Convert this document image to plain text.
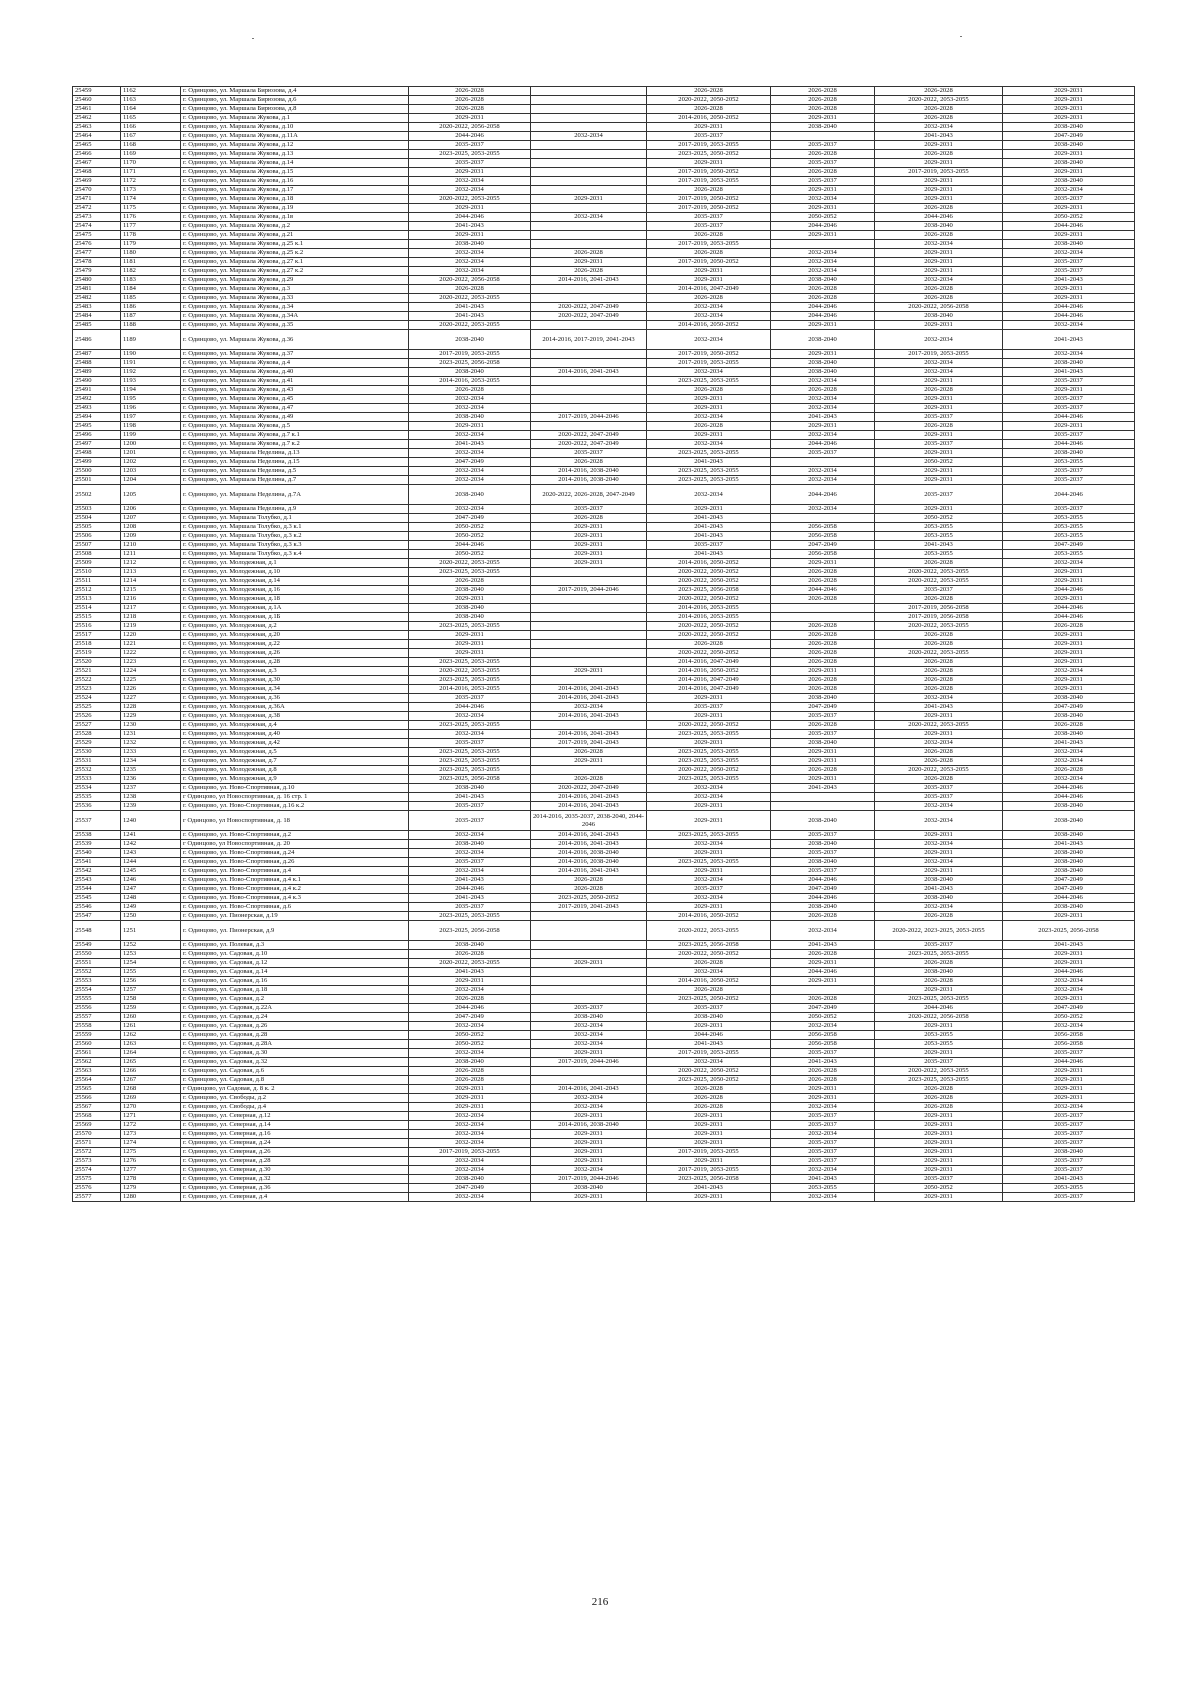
25459	1162	г. Одинцово, ул. Маршала Бирюзова, д.4	2026-2028		2026-2028	2026-2028	2026-2028	2029-2031
25460	1163	г. Одинцово, ул. Маршала Бирюзова, д.6	2026-2028		2020-2022, 2050-2052	2026-2028	2020-2022, 2053-2055	2029-2031
25461	1164	г. Одинцово, ул. Маршала Бирюзова, д.8	2026-2028		2026-2028	2026-2028	2026-2028	2029-2031
25462	1165	г. Одинцово, ул. Маршала Жукова, д.1	2029-2031		2014-2016, 2050-2052	2029-2031	2026-2028	2029-2031
25463	1166	г. Одинцово, ул. Маршала Жукова, д.10	2020-2022, 2056-2058		2029-2031	2038-2040	2032-2034	2038-2040
25464	1167	г. Одинцово, ул. Маршала Жукова, д.11А	2044-2046	2032-2034	2035-2037		2041-2043	2047-2049
25465	1168	г. Одинцово, ул. Маршала Жукова, д.12	2035-2037		2017-2019, 2053-2055	2035-2037	2029-2031	2038-2040
25466	1169	г. Одинцово, ул. Маршала Жукова, д.13	2023-2025, 2053-2055		2023-2025, 2050-2052	2026-2028	2026-2028	2029-2031
25467	1170	г. Одинцово, ул. Маршала Жукова, д.14	2035-2037		2029-2031	2035-2037	2029-2031	2038-2040
25468	1171	г. Одинцово, ул. Маршала Жукова, д.15	2029-2031		2017-2019, 2050-2052	2026-2028	2017-2019, 2053-2055	2029-2031
25469	1172	г. Одинцово, ул. Маршала Жукова, д.16	2032-2034		2017-2019, 2053-2055	2035-2037	2029-2031	2038-2040
25470	1173	г. Одинцово, ул. Маршала Жукова, д.17	2032-2034		2026-2028	2029-2031	2029-2031	2032-2034
25471	1174	г. Одинцово, ул. Маршала Жукова, д.18	2020-2022, 2053-2055	2029-2031	2017-2019, 2050-2052	2032-2034	2029-2031	2035-2037
25472	1175	г. Одинцово, ул. Маршала Жукова, д.19	2029-2031		2017-2019, 2050-2052	2029-2031	2026-2028	2029-2031
25473	1176	г. Одинцово, ул. Маршала Жукова, д.1в	2044-2046	2032-2034	2035-2037	2050-2052	2044-2046	2050-2052
25474	1177	г. Одинцово, ул. Маршала Жукова, д.2	2041-2043		2035-2037	2044-2046	2038-2040	2044-2046
25475	1178	г. Одинцово, ул. Маршала Жукова, д.21	2029-2031		2026-2028	2029-2031	2026-2028	2029-2031
25476	1179	г. Одинцово, ул. Маршала Жукова, д.25 к.1	2038-2040		2017-2019, 2053-2055		2032-2034	2038-2040
25477	1180	г. Одинцово, ул. Маршала Жукова, д.25 к.2	2032-2034	2026-2028	2026-2028	2032-2034	2029-2031	2032-2034
25478	1181	г. Одинцово, ул. Маршала Жукова, д.27 к.1	2032-2034	2029-2031	2017-2019, 2050-2052	2032-2034	2029-2031	2035-2037
25479	1182	г. Одинцово, ул. Маршала Жукова, д.27 к.2	2032-2034	2026-2028	2029-2031	2032-2034	2029-2031	2035-2037
25480	1183	г. Одинцово, ул. Маршала Жукова, д.29	2020-2022, 2056-2058	2014-2016, 2041-2043	2029-2031	2038-2040	2032-2034	2041-2043
25481	1184	г. Одинцово, ул. Маршала Жукова, д.3	2026-2028		2014-2016, 2047-2049	2026-2028	2026-2028	2029-2031
25482	1185	г. Одинцово, ул. Маршала Жукова, д.33	2020-2022, 2053-2055		2026-2028	2026-2028	2026-2028	2029-2031
25483	1186	г. Одинцово, ул. Маршала Жукова, д.34	2041-2043	2020-2022, 2047-2049	2032-2034	2044-2046	2020-2022, 2056-2058	2044-2046
25484	1187	г. Одинцово, ул. Маршала Жукова, д.34А	2041-2043	2020-2022, 2047-2049	2032-2034	2044-2046	2038-2040	2044-2046
25485	1188	г. Одинцово, ул. Маршала Жукова, д.35	2020-2022, 2053-2055		2014-2016, 2050-2052	2029-2031	2029-2031	2032-2034
25486	1189	г. Одинцово, ул. Маршала Жукова, д.36	2038-2040	2014-2016, 2017-2019, 2041-2043	2032-2034	2038-2040	2032-2034	2041-2043
25487	1190	г. Одинцово, ул. Маршала Жукова, д.37	2017-2019, 2053-2055		2017-2019, 2050-2052	2029-2031	2017-2019, 2053-2055	2032-2034
25488	1191	г. Одинцово, ул. Маршала Жукова, д.4	2023-2025, 2056-2058		2017-2019, 2053-2055	2038-2040	2032-2034	2038-2040
25489	1192	г. Одинцово, ул. Маршала Жукова, д.40	2038-2040	2014-2016, 2041-2043	2032-2034	2038-2040	2032-2034	2041-2043
25490	1193	г. Одинцово, ул. Маршала Жукова, д.41	2014-2016, 2053-2055		2023-2025, 2053-2055	2032-2034	2029-2031	2035-2037
25491	1194	г. Одинцово, ул. Маршала Жукова, д.43	2026-2028		2026-2028	2026-2028	2026-2028	2029-2031
25492	1195	г. Одинцово, ул. Маршала Жукова, д.45	2032-2034		2029-2031	2032-2034	2029-2031	2035-2037
25493	1196	г. Одинцово, ул. Маршала Жукова, д.47	2032-2034		2029-2031	2032-2034	2029-2031	2035-2037
25494	1197	г. Одинцово, ул. Маршала Жукова, д.49	2038-2040	2017-2019, 2044-2046	2032-2034	2041-2043	2035-2037	2044-2046
25495	1198	г. Одинцово, ул. Маршала Жукова, д.5	2029-2031		2026-2028	2029-2031	2026-2028	2029-2031
25496	1199	г. Одинцово, ул. Маршала Жукова, д.7 к.1	2032-2034	2020-2022, 2047-2049	2029-2031	2032-2034	2029-2031	2035-2037
25497	1200	г. Одинцово, ул. Маршала Жукова, д.7 к.2	2041-2043	2020-2022, 2047-2049	2032-2034	2044-2046	2035-2037	2044-2046
25498	1201	г. Одинцово, ул. Маршала Неделина, д.13	2032-2034	2035-2037	2023-2025, 2053-2055	2035-2037	2029-2031	2038-2040
25499	1202	г. Одинцово, ул. Маршала Неделина, д.15	2047-2049	2026-2028	2041-2043		2050-2052	2053-2055
25500	1203	г. Одинцово, ул. Маршала Неделина, д.5	2032-2034	2014-2016, 2038-2040	2023-2025, 2053-2055	2032-2034	2029-2031	2035-2037
25501	1204	г. Одинцово, ул. Маршала Неделина, д.7	2032-2034	2014-2016, 2038-2040	2023-2025, 2053-2055	2032-2034	2029-2031	2035-2037
25502	1205	г. Одинцово, ул. Маршала Неделина, д.7А	2038-2040	2020-2022, 2026-2028, 2047-2049	2032-2034	2044-2046	2035-2037	2044-2046
25503	1206	г. Одинцово, ул. Маршала Неделина, д.9	2032-2034	2035-2037	2029-2031	2032-2034	2029-2031	2035-2037
25504	1207	г. Одинцово, ул. Маршала Толубко, д.1	2047-2049	2026-2028	2041-2043		2050-2052	2053-2055
25505	1208	г. Одинцово, ул. Маршала Толубко, д.3 к.1	2050-2052	2029-2031	2041-2043	2056-2058	2053-2055	2053-2055
25506	1209	г. Одинцово, ул. Маршала Толубко, д.3 к.2	2050-2052	2029-2031	2041-2043	2056-2058	2053-2055	2053-2055
25507	1210	г. Одинцово, ул. Маршала Толубко, д.3 к.3	2044-2046	2029-2031	2035-2037	2047-2049	2041-2043	2047-2049
25508	1211	г. Одинцово, ул. Маршала Толубко, д.3 к.4	2050-2052	2029-2031	2041-2043	2056-2058	2053-2055	2053-2055
25509	1212	г. Одинцово, ул. Молодежная, д.1	2020-2022, 2053-2055	2029-2031	2014-2016, 2050-2052	2029-2031	2026-2028	2032-2034
25510	1213	г. Одинцово, ул. Молодежная, д.10	2023-2025, 2053-2055		2020-2022, 2050-2052	2026-2028	2020-2022, 2053-2055	2029-2031
25511	1214	г. Одинцово, ул. Молодежная, д.14	2026-2028		2020-2022, 2050-2052	2026-2028	2020-2022, 2053-2055	2029-2031
25512	1215	г. Одинцово, ул. Молодежная, д.16	2038-2040	2017-2019, 2044-2046	2023-2025, 2056-2058	2044-2046	2035-2037	2044-2046
25513	1216	г. Одинцово, ул. Молодежная, д.18	2029-2031		2020-2022, 2050-2052	2026-2028	2026-2028	2029-2031
25514	1217	г. Одинцово, ул. Молодежная, д.1А	2038-2040		2014-2016, 2053-2055		2017-2019, 2056-2058	2044-2046
25515	1218	г. Одинцово, ул. Молодежная, д.1Б	2038-2040		2014-2016, 2053-2055		2017-2019, 2056-2058	2044-2046
25516	1219	г. Одинцово, ул. Молодежная, д.2	2023-2025, 2053-2055		2020-2022, 2050-2052	2026-2028	2020-2022, 2053-2055	2026-2028
25517	1220	г. Одинцово, ул. Молодежная, д.20	2029-2031		2020-2022, 2050-2052	2026-2028	2026-2028	2029-2031
25518	1221	г. Одинцово, ул. Молодежная, д.22	2029-2031		2026-2028	2026-2028	2026-2028	2029-2031
25519	1222	г. Одинцово, ул. Молодежная, д.26	2029-2031		2020-2022, 2050-2052	2026-2028	2020-2022, 2053-2055	2029-2031
25520	1223	г. Одинцово, ул. Молодежная, д.28	2023-2025, 2053-2055		2014-2016, 2047-2049	2026-2028	2026-2028	2029-2031
25521	1224	г. Одинцово, ул. Молодежная, д.3	2020-2022, 2053-2055	2029-2031	2014-2016, 2050-2052	2029-2031	2026-2028	2032-2034
25522	1225	г. Одинцово, ул. Молодежная, д.30	2023-2025, 2053-2055		2014-2016, 2047-2049	2026-2028	2026-2028	2029-2031
25523	1226	г. Одинцово, ул. Молодежная, д.34	2014-2016, 2053-2055	2014-2016, 2041-2043	2014-2016, 2047-2049	2026-2028	2026-2028	2029-2031
25524	1227	г. Одинцово, ул. Молодежная, д.36	2035-2037	2014-2016, 2041-2043	2029-2031	2038-2040	2032-2034	2038-2040
25525	1228	г. Одинцово, ул. Молодежная, д.36А	2044-2046	2032-2034	2035-2037	2047-2049	2041-2043	2047-2049
25526	1229	г. Одинцово, ул. Молодежная, д.38	2032-2034	2014-2016, 2041-2043	2029-2031	2035-2037	2029-2031	2038-2040
25527	1230	г. Одинцово, ул. Молодежная, д.4	2023-2025, 2053-2055		2020-2022, 2050-2052	2026-2028	2020-2022, 2053-2055	2026-2028
25528	1231	г. Одинцово, ул. Молодежная, д.40	2032-2034	2014-2016, 2041-2043	2023-2025, 2053-2055	2035-2037	2029-2031	2038-2040
25529	1232	г. Одинцово, ул. Молодежная, д.42	2035-2037	2017-2019, 2041-2043	2029-2031	2038-2040	2032-2034	2041-2043
25530	1233	г. Одинцово, ул. Молодежная, д.5	2023-2025, 2053-2055	2026-2028	2023-2025, 2053-2055	2029-2031	2026-2028	2032-2034
25531	1234	г. Одинцово, ул. Молодежная, д.7	2023-2025, 2053-2055	2029-2031	2023-2025, 2053-2055	2029-2031	2026-2028	2032-2034
25532	1235	г. Одинцово, ул. Молодежная, д.8	2023-2025, 2053-2055		2020-2022, 2050-2052	2026-2028	2020-2022, 2053-2055	2026-2028
25533	1236	г. Одинцово, ул. Молодежная, д.9	2023-2025, 2056-2058	2026-2028	2023-2025, 2053-2055	2029-2031	2026-2028	2032-2034
25534	1237	г. Одинцово, ул. Ново-Спортивная, д.10	2038-2040	2020-2022, 2047-2049	2032-2034	2041-2043	2035-2037	2044-2046
25535	1238	г Одинцово, ул Новоспортивная, д. 16 стр. 1	2041-2043	2014-2016, 2041-2043	2032-2034		2035-2037	2044-2046
25536	1239	г. Одинцово, ул. Ново-Спортивная, д.16 к.2	2035-2037	2014-2016, 2041-2043	2029-2031		2032-2034	2038-2040
25537	1240	г Одинцово, ул Новоспортивная, д. 18	2035-2037	2014-2016, 2035-2037, 2038-2040, 2044-2046	2029-2031	2038-2040	2032-2034	2038-2040
25538	1241	г. Одинцово, ул. Ново-Спортивная, д.2	2032-2034	2014-2016, 2041-2043	2023-2025, 2053-2055	2035-2037	2029-2031	2038-2040
25539	1242	г Одинцово, ул Новоспортивная, д. 20	2038-2040	2014-2016, 2041-2043	2032-2034	2038-2040	2032-2034	2041-2043
25540	1243	г. Одинцово, ул. Ново-Спортивная, д.24	2032-2034	2014-2016, 2038-2040	2029-2031	2035-2037	2029-2031	2038-2040
25541	1244	г. Одинцово, ул. Ново-Спортивная, д.26	2035-2037	2014-2016, 2038-2040	2023-2025, 2053-2055	2038-2040	2032-2034	2038-2040
25542	1245	г. Одинцово, ул. Ново-Спортивная, д.4	2032-2034	2014-2016, 2041-2043	2029-2031	2035-2037	2029-2031	2038-2040
25543	1246	г. Одинцово, ул. Ново-Спортивная, д.4 к.1	2041-2043	2026-2028	2032-2034	2044-2046	2038-2040	2047-2049
25544	1247	г. Одинцово, ул. Ново-Спортивная, д.4 к.2	2044-2046	2026-2028	2035-2037	2047-2049	2041-2043	2047-2049
25545	1248	г. Одинцово, ул. Ново-Спортивная, д.4 к.3	2041-2043	2023-2025, 2050-2052	2032-2034	2044-2046	2038-2040	2044-2046
25546	1249	г. Одинцово, ул. Ново-Спортивная, д.6	2035-2037	2017-2019, 2041-2043	2029-2031	2038-2040	2032-2034	2038-2040
25547	1250	г. Одинцово, ул. Пионерская, д.19	2023-2025, 2053-2055		2014-2016, 2050-2052	2026-2028	2026-2028	2029-2031
25548	1251	г. Одинцово, ул. Пионерская, д.9	2023-2025, 2056-2058		2020-2022, 2053-2055	2032-2034	2020-2022, 2023-2025, 2053-2055	2023-2025, 2056-2058
25549	1252	г. Одинцово, ул. Полевая, д.3	2038-2040		2023-2025, 2056-2058	2041-2043	2035-2037	2041-2043
25550	1253	г. Одинцово, ул. Садовая, д.10	2026-2028		2020-2022, 2050-2052	2026-2028	2023-2025, 2053-2055	2029-2031
25551	1254	г. Одинцово, ул. Садовая, д.12	2020-2022, 2053-2055	2029-2031	2026-2028	2029-2031	2026-2028	2029-2031
25552	1255	г. Одинцово, ул. Садовая, д.14	2041-2043		2032-2034	2044-2046	2038-2040	2044-2046
25553	1256	г. Одинцово, ул. Садовая, д.16	2029-2031		2014-2016, 2050-2052	2029-2031	2026-2028	2032-2034
25554	1257	г. Одинцово, ул. Садовая, д.18	2032-2034		2026-2028		2029-2031	2032-2034
25555	1258	г. Одинцово, ул. Садовая, д.2	2026-2028		2023-2025, 2050-2052	2026-2028	2023-2025, 2053-2055	2029-2031
25556	1259	г. Одинцово, ул. Садовая, д.22А	2044-2046	2035-2037	2035-2037	2047-2049	2044-2046	2047-2049
25557	1260	г. Одинцово, ул. Садовая, д.24	2047-2049	2038-2040	2038-2040	2050-2052	2020-2022, 2056-2058	2050-2052
25558	1261	г. Одинцово, ул. Садовая, д.26	2032-2034	2032-2034	2029-2031	2032-2034	2029-2031	2032-2034
25559	1262	г. Одинцово, ул. Садовая, д.28	2050-2052	2032-2034	2044-2046	2056-2058	2053-2055	2056-2058
25560	1263	г. Одинцово, ул. Садовая, д.28А	2050-2052	2032-2034	2041-2043	2056-2058	2053-2055	2056-2058
25561	1264	г. Одинцово, ул. Садовая, д.30	2032-2034	2029-2031	2017-2019, 2053-2055	2035-2037	2029-2031	2035-2037
25562	1265	г. Одинцово, ул. Садовая, д.32	2038-2040	2017-2019, 2044-2046	2032-2034	2041-2043	2035-2037	2044-2046
25563	1266	г. Одинцово, ул. Садовая, д.6	2026-2028		2020-2022, 2050-2052	2026-2028	2020-2022, 2053-2055	2029-2031
25564	1267	г. Одинцово, ул. Садовая, д.8	2026-2028		2023-2025, 2050-2052	2026-2028	2023-2025, 2053-2055	2029-2031
25565	1268	г Одинцово, ул Садовая, д. 8 к. 2	2029-2031	2014-2016, 2041-2043	2026-2028	2029-2031	2026-2028	2029-2031
25566	1269	г. Одинцово, ул. Свободы, д.2	2029-2031	2032-2034	2026-2028	2029-2031	2026-2028	2029-2031
25567	1270	г. Одинцово, ул. Свободы, д.4	2029-2031	2032-2034	2026-2028	2032-2034	2026-2028	2032-2034
25568	1271	г. Одинцово, ул. Северная, д.12	2032-2034	2029-2031	2029-2031	2035-2037	2029-2031	2035-2037
25569	1272	г. Одинцово, ул. Северная, д.14	2032-2034	2014-2016, 2038-2040	2029-2031	2035-2037	2029-2031	2035-2037
25570	1273	г. Одинцово, ул. Северная, д.16	2032-2034	2029-2031	2029-2031	2032-2034	2029-2031	2035-2037
25571	1274	г. Одинцово, ул. Северная, д.24	2032-2034	2029-2031	2029-2031	2035-2037	2029-2031	2035-2037
25572	1275	г. Одинцово, ул. Северная, д.26	2017-2019, 2053-2055	2029-2031	2017-2019, 2053-2055	2035-2037	2029-2031	2038-2040
25573	1276	г. Одинцово, ул. Северная, д.28	2032-2034	2029-2031	2029-2031	2035-2037	2029-2031	2035-2037
25574	1277	г. Одинцово, ул. Северная, д.30	2032-2034	2032-2034	2017-2019, 2053-2055	2032-2034	2029-2031	2035-2037
25575	1278	г. Одинцово, ул. Северная, д.32	2038-2040	2017-2019, 2044-2046	2023-2025, 2056-2058	2041-2043	2035-2037	2041-2043
25576	1279	г. Одинцово, ул. Северная, д.36	2047-2049	2038-2040	2041-2043	2053-2055	2050-2052	2053-2055
25577	1280	г. Одинцово, ул. Северная, д.4	2032-2034	2029-2031	2029-2031	2032-2034	2029-2031	2035-2037
216
